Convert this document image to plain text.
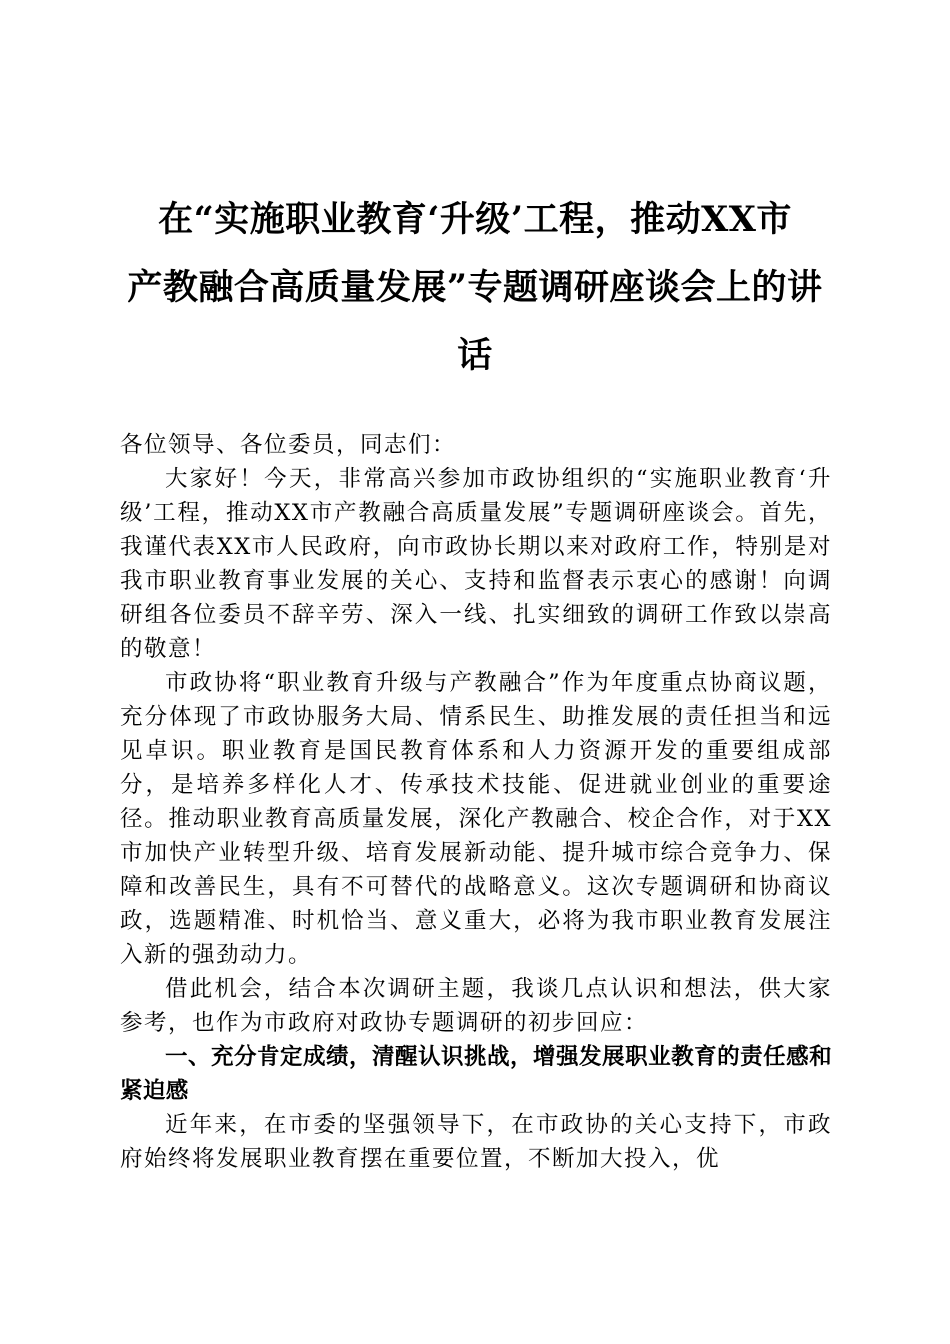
在“实施职业教育‘升级’工程，推动XX市
产教融合高质量发展”专题调研座谈会上的讲
话

各位领导、各位委员，同志们：

大家好！今天，非常高兴参加市政协组织的“实施职业教育‘升级’工程，推动XX市产教融合高质量发展”专题调研座谈会。首先，我谨代表XX市人民政府，向市政协长期以来对政府工作，特别是对我市职业教育事业发展的关心、支持和监督表示衷心的感谢！向调研组各位委员不辞辛劳、深入一线、扎实细致的调研工作致以崇高的敬意！

市政协将“职业教育升级与产教融合”作为年度重点协商议题，充分体现了市政协服务大局、情系民生、助推发展的责任担当和远见卓识。职业教育是国民教育体系和人力资源开发的重要组成部分，是培养多样化人才、传承技术技能、促进就业创业的重要途径。推动职业教育高质量发展，深化产教融合、校企合作，对于XX市加快产业转型升级、培育发展新动能、提升城市综合竞争力、保障和改善民生，具有不可替代的战略意义。这次专题调研和协商议政，选题精准、时机恰当、意义重大，必将为我市职业教育发展注入新的强劲动力。

借此机会，结合本次调研主题，我谈几点认识和想法，供大家参考，也作为市政府对政协专题调研的初步回应：

一、充分肯定成绩，清醒认识挑战，增强发展职业教育的责任感和紧迫感

近年来，在市委的坚强领导下，在市政协的关心支持下，市政府始终将发展职业教育摆在重要位置，不断加大投入，优
